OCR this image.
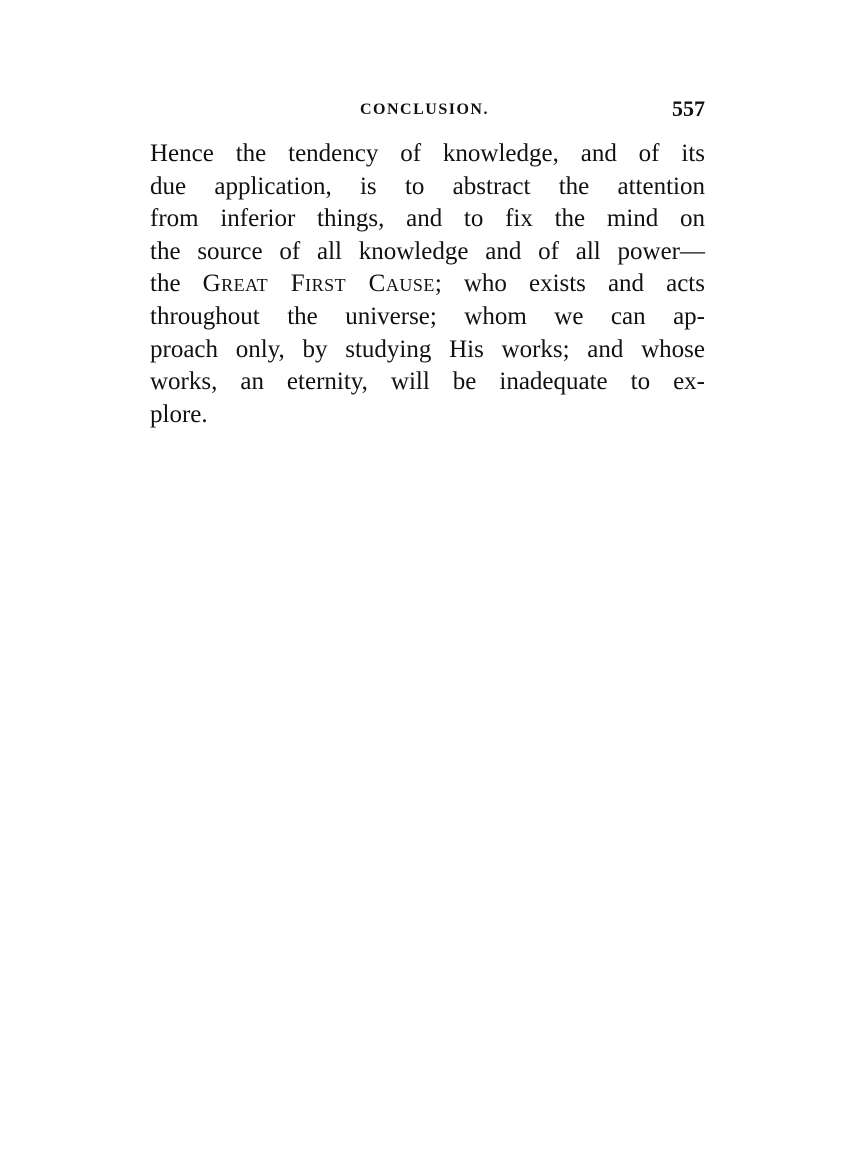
CONCLUSION.	557
Hence the tendency of knowledge, and of its
due application, is to abstract the attention
from inferior things, and to fix the mind on
the source of all knowledge and of all power—
the Great First Cause; who exists and acts
throughout the universe; whom we can ap-
proach only, by studying His works; and whose
works, an eternity, will be inadequate to ex-
plore.
